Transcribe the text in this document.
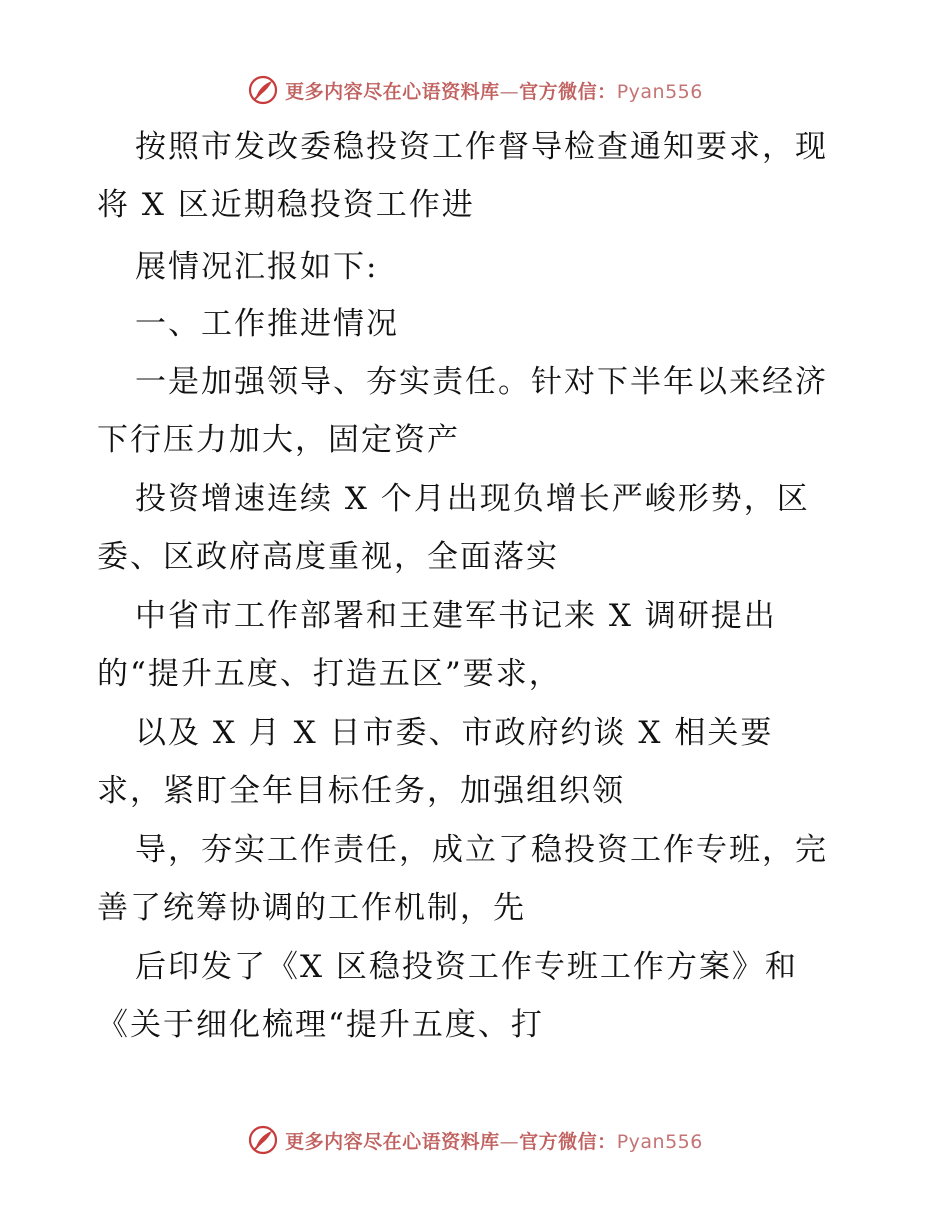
更多内容尽在心语资料库—官方微信：Pyan556
按照市发改委稳投资工作督导检查通知要求，现
将 X 区近期稳投资工作进
展情况汇报如下:
一、工作推进情况
一是加强领导、夯实责任。针对下半年以来经济
下行压力加大，固定资产
投资增速连续 X 个月出现负增长严峻形势，区
委、区政府高度重视，全面落实
中省市工作部署和王建军书记来 X 调研提出
的“提升五度、打造五区”要求，
以及 X 月 X 日市委、市政府约谈 X 相关要
求，紧盯全年目标任务，加强组织领
导，夯实工作责任，成立了稳投资工作专班，完
善了统筹协调的工作机制，先
后印发了《X 区稳投资工作专班工作方案》和
《关于细化梳理“提升五度、打
更多内容尽在心语资料库—官方微信：Pyan556
